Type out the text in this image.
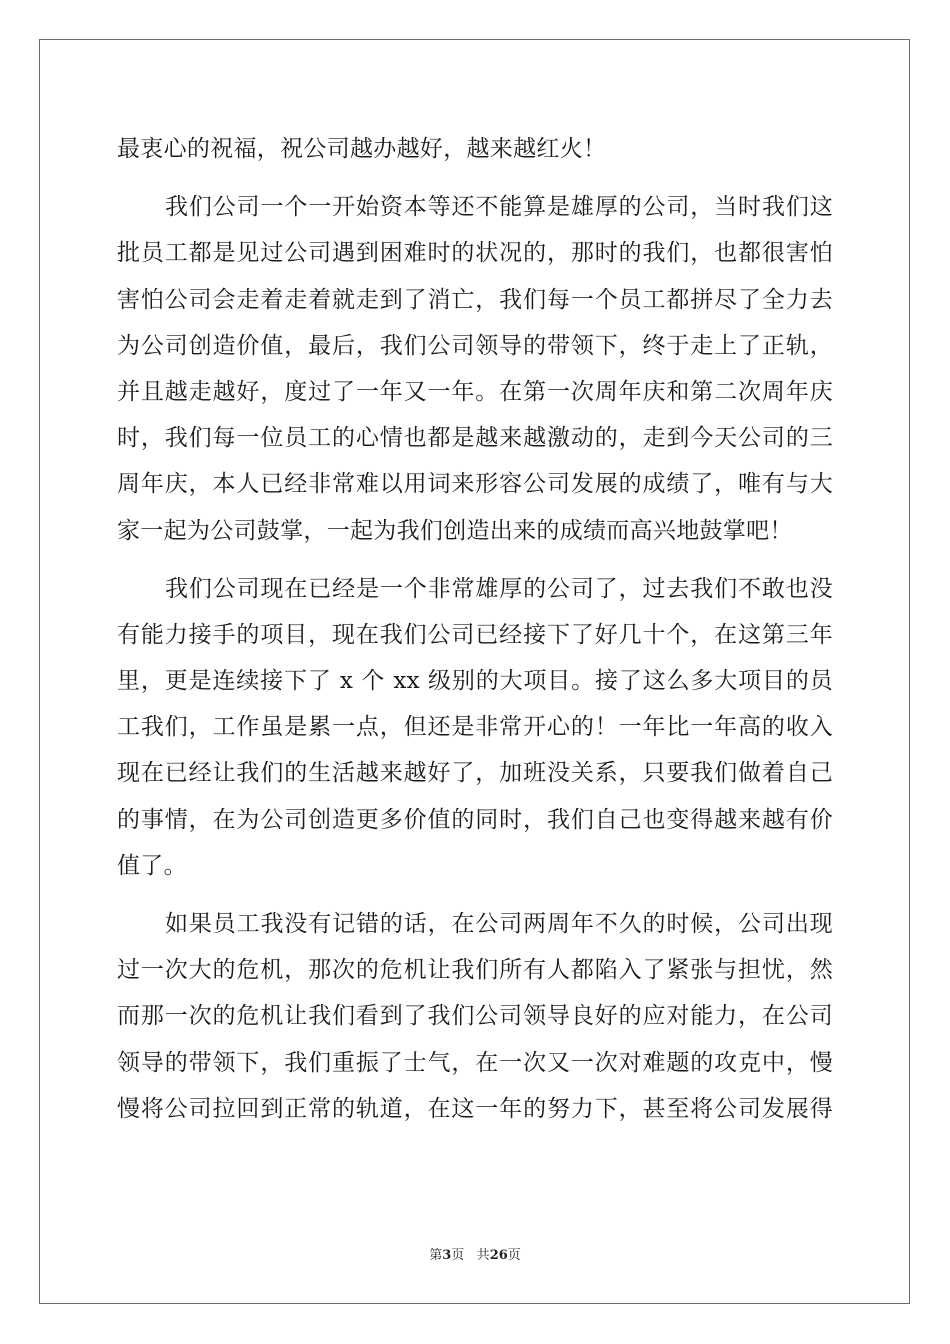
最衷心的祝福，祝公司越办越好，越来越红火！
我们公司一个一开始资本等还不能算是雄厚的公司，当时我们这
批员工都是见过公司遇到困难时的状况的，那时的我们，也都很害怕
害怕公司会走着走着就走到了消亡，我们每一个员工都拼尽了全力去
为公司创造价值，最后，我们公司领导的带领下，终于走上了正轨，
并且越走越好，度过了一年又一年。在第一次周年庆和第二次周年庆
时，我们每一位员工的心情也都是越来越激动的，走到今天公司的三
周年庆，本人已经非常难以用词来形容公司发展的成绩了，唯有与大
家一起为公司鼓掌，一起为我们创造出来的成绩而高兴地鼓掌吧！
我们公司现在已经是一个非常雄厚的公司了，过去我们不敢也没
有能力接手的项目，现在我们公司已经接下了好几十个，在这第三年
里，更是连续接下了 x 个 xx 级别的大项目。接了这么多大项目的员
工我们，工作虽是累一点，但还是非常开心的！一年比一年高的收入
现在已经让我们的生活越来越好了，加班没关系，只要我们做着自己
的事情，在为公司创造更多价值的同时，我们自己也变得越来越有价
值了。
如果员工我没有记错的话，在公司两周年不久的时候，公司出现
过一次大的危机，那次的危机让我们所有人都陷入了紧张与担忧，然
而那一次的危机让我们看到了我们公司领导良好的应对能力，在公司
领导的带领下，我们重振了士气，在一次又一次对难题的攻克中，慢
慢将公司拉回到正常的轨道，在这一年的努力下，甚至将公司发展得
第3页 共26页
